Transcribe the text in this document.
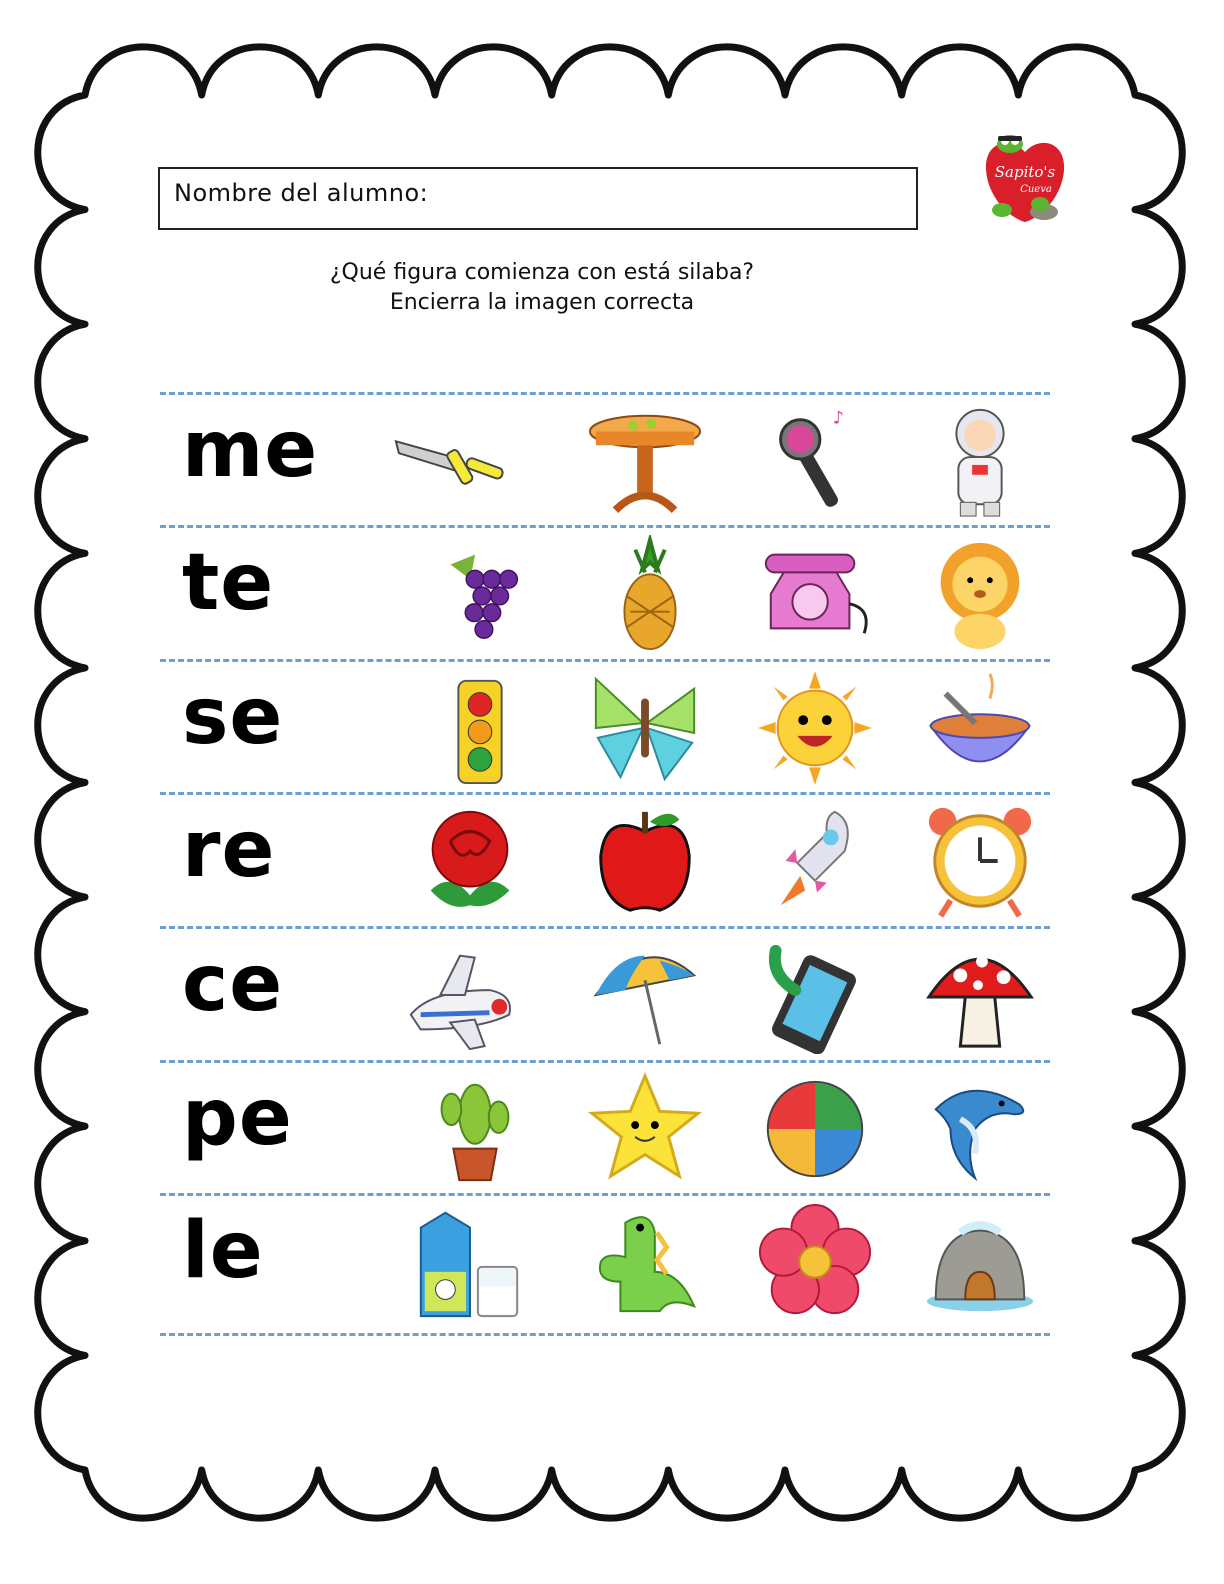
Nombre del alumno:
Sapito's
Cueva
¿Qué figura comienza con está silaba?
Encierra la imagen correcta
me	♪
te
se
re
ce
pe
le
